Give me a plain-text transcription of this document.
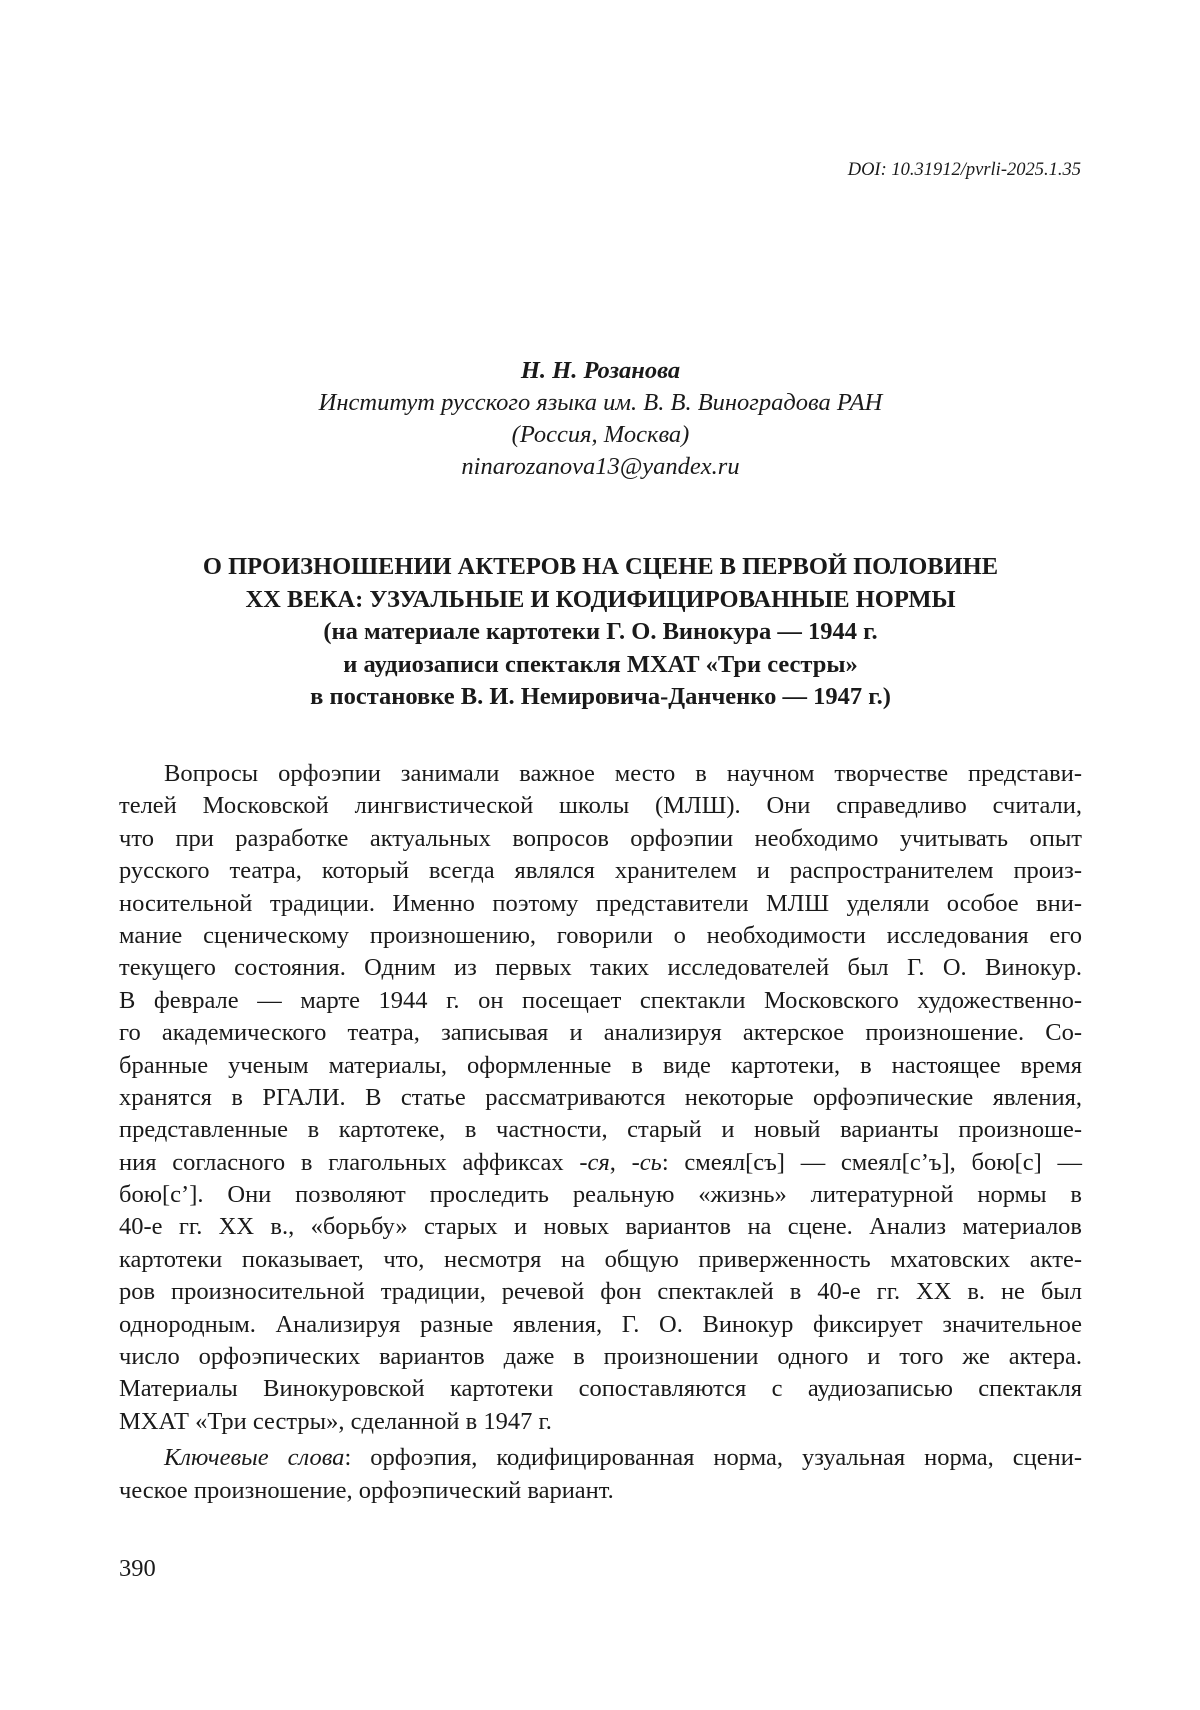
DOI: 10.31912/pvrli-2025.1.35
Н. Н. Розанова
Институт русского языка им. В. В. Виноградова РАН
(Россия, Москва)
ninarozanova13@yandex.ru
О ПРОИЗНОШЕНИИ АКТЕРОВ НА СЦЕНЕ В ПЕРВОЙ ПОЛОВИНЕ
XX ВЕКА: УЗУАЛЬНЫЕ И КОДИФИЦИРОВАННЫЕ НОРМЫ
(на материале картотеки Г. О. Винокура — 1944 г.
и аудиозаписи спектакля МХАТ «Три сестры»
в постановке В. И. Немировича-Данченко — 1947 г.)
Вопросы орфоэпии занимали важное место в научном творчестве представи-
телей Московской лингвистической школы (МЛШ). Они справедливо считали,
что при разработке актуальных вопросов орфоэпии необходимо учитывать опыт
русского театра, который всегда являлся хранителем и распространителем произ-
носительной традиции. Именно поэтому представители МЛШ уделяли особое вни-
мание сценическому произношению, говорили о необходимости исследования его
текущего состояния. Одним из первых таких исследователей был Г. О. Винокур.
В феврале — марте 1944 г. он посещает спектакли Московского художественно-
го академического театра, записывая и анализируя актерское произношение. Со-
бранные ученым материалы, оформленные в виде картотеки, в настоящее время
хранятся в РГАЛИ. В статье рассматриваются некоторые орфоэпические явления,
представленные в картотеке, в частности, старый и новый варианты произноше-
ния согласного в глагольных аффиксах -ся, -сь: смеял[съ] — смеял[с’ъ], бою[с] —
бою[с’]. Они позволяют проследить реальную «жизнь» литературной нормы в
40-е гг. XX в., «борьбу» старых и новых вариантов на сцене. Анализ материалов
картотеки показывает, что, несмотря на общую приверженность мхатовских акте-
ров произносительной традиции, речевой фон спектаклей в 40-е гг. XX в. не был
однородным. Анализируя разные явления, Г. О. Винокур фиксирует значительное
число орфоэпических вариантов даже в произношении одного и того же актера.
Материалы Винокуровской картотеки сопоставляются с аудиозаписью спектакля
МХАТ «Три сестры», сделанной в 1947 г.
Ключевые слова: орфоэпия, кодифицированная норма, узуальная норма, сцени-
ческое произношение, орфоэпический вариант.
390
